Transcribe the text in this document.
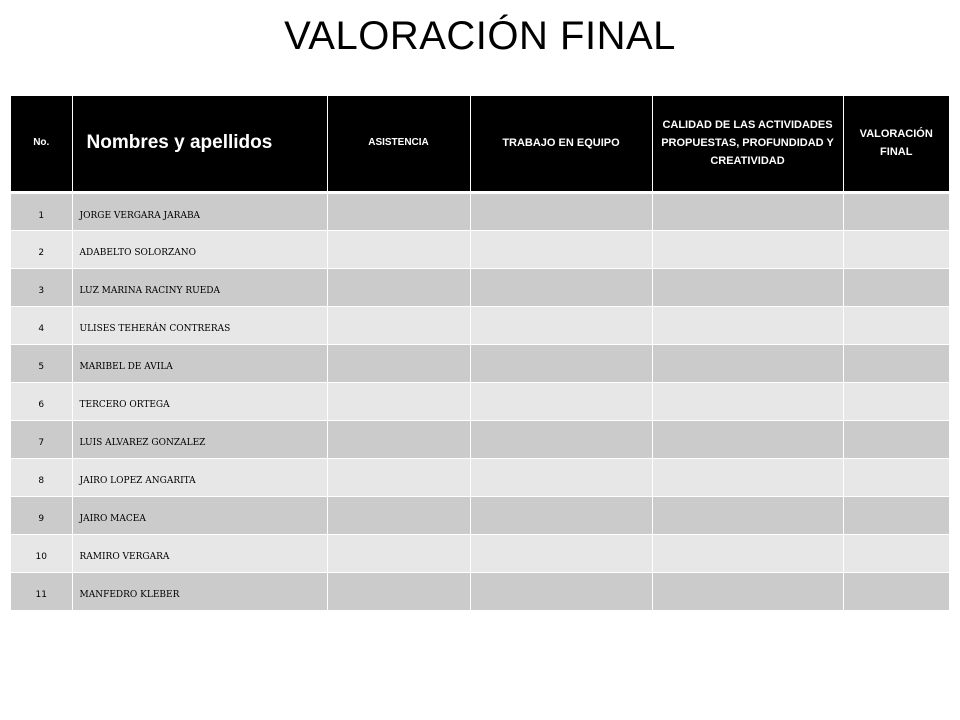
VALORACIÓN FINAL
No.	Nombres y apellidos	ASISTENCIA	TRABAJO EN EQUIPO	CALIDAD DE LAS ACTIVIDADES PROPUESTAS, PROFUNDIDAD Y CREATIVIDAD	VALORACIÓN FINAL
1	JORGE VERGARA JARABA				
2	ADABELTO SOLORZANO				
3	LUZ MARINA RACINY RUEDA				
4	ULISES TEHERÁN CONTRERAS				
5	MARIBEL DE AVILA				
6	TERCERO ORTEGA				
7	LUIS ALVAREZ GONZALEZ				
8	JAIRO LOPEZ ANGARITA				
9	JAIRO MACEA				
10	RAMIRO VERGARA				
11	MANFEDRO KLEBER				
